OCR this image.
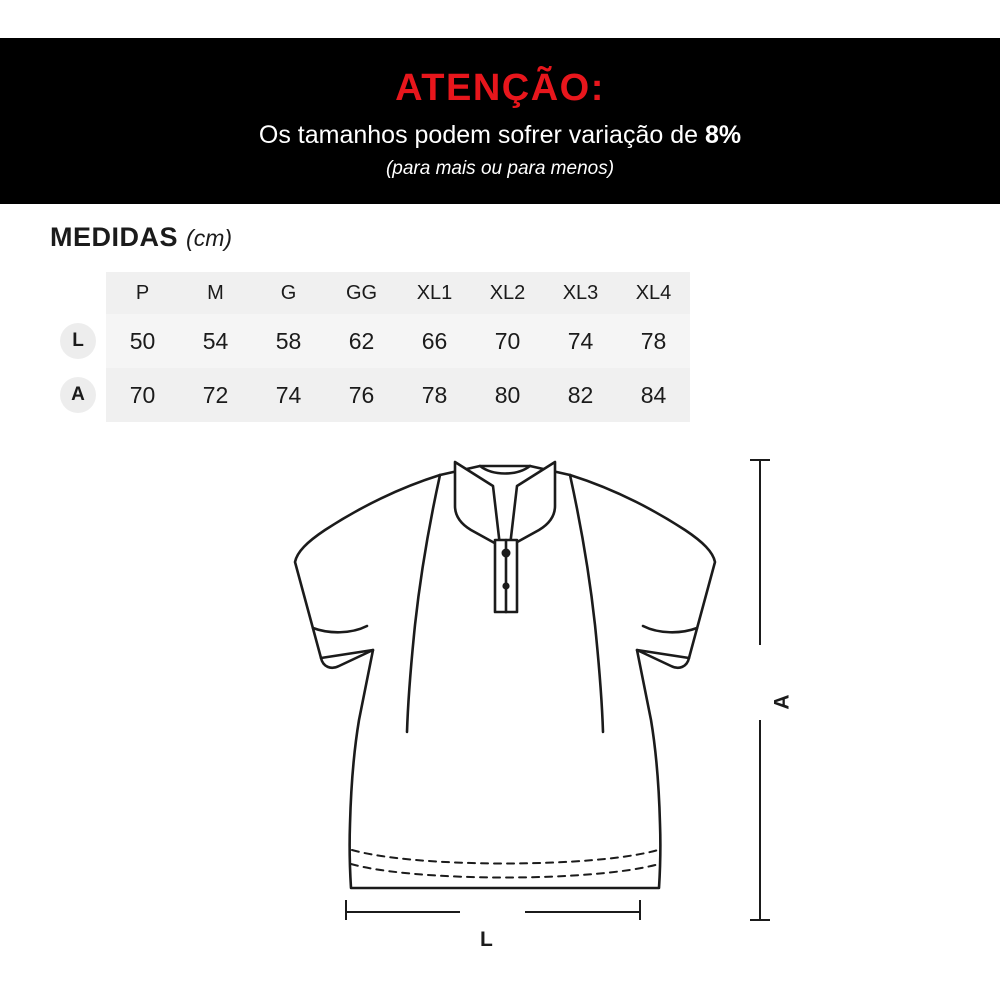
ATENÇÃO:
Os tamanhos podem sofrer variação de 8%
(para mais ou para menos)
MEDIDAS (cm)
	P	M	G	GG	XL1	XL2	XL3	XL4
L	50	54	58	62	66	70	74	78
A	70	72	74	76	78	80	82	84
A
L
